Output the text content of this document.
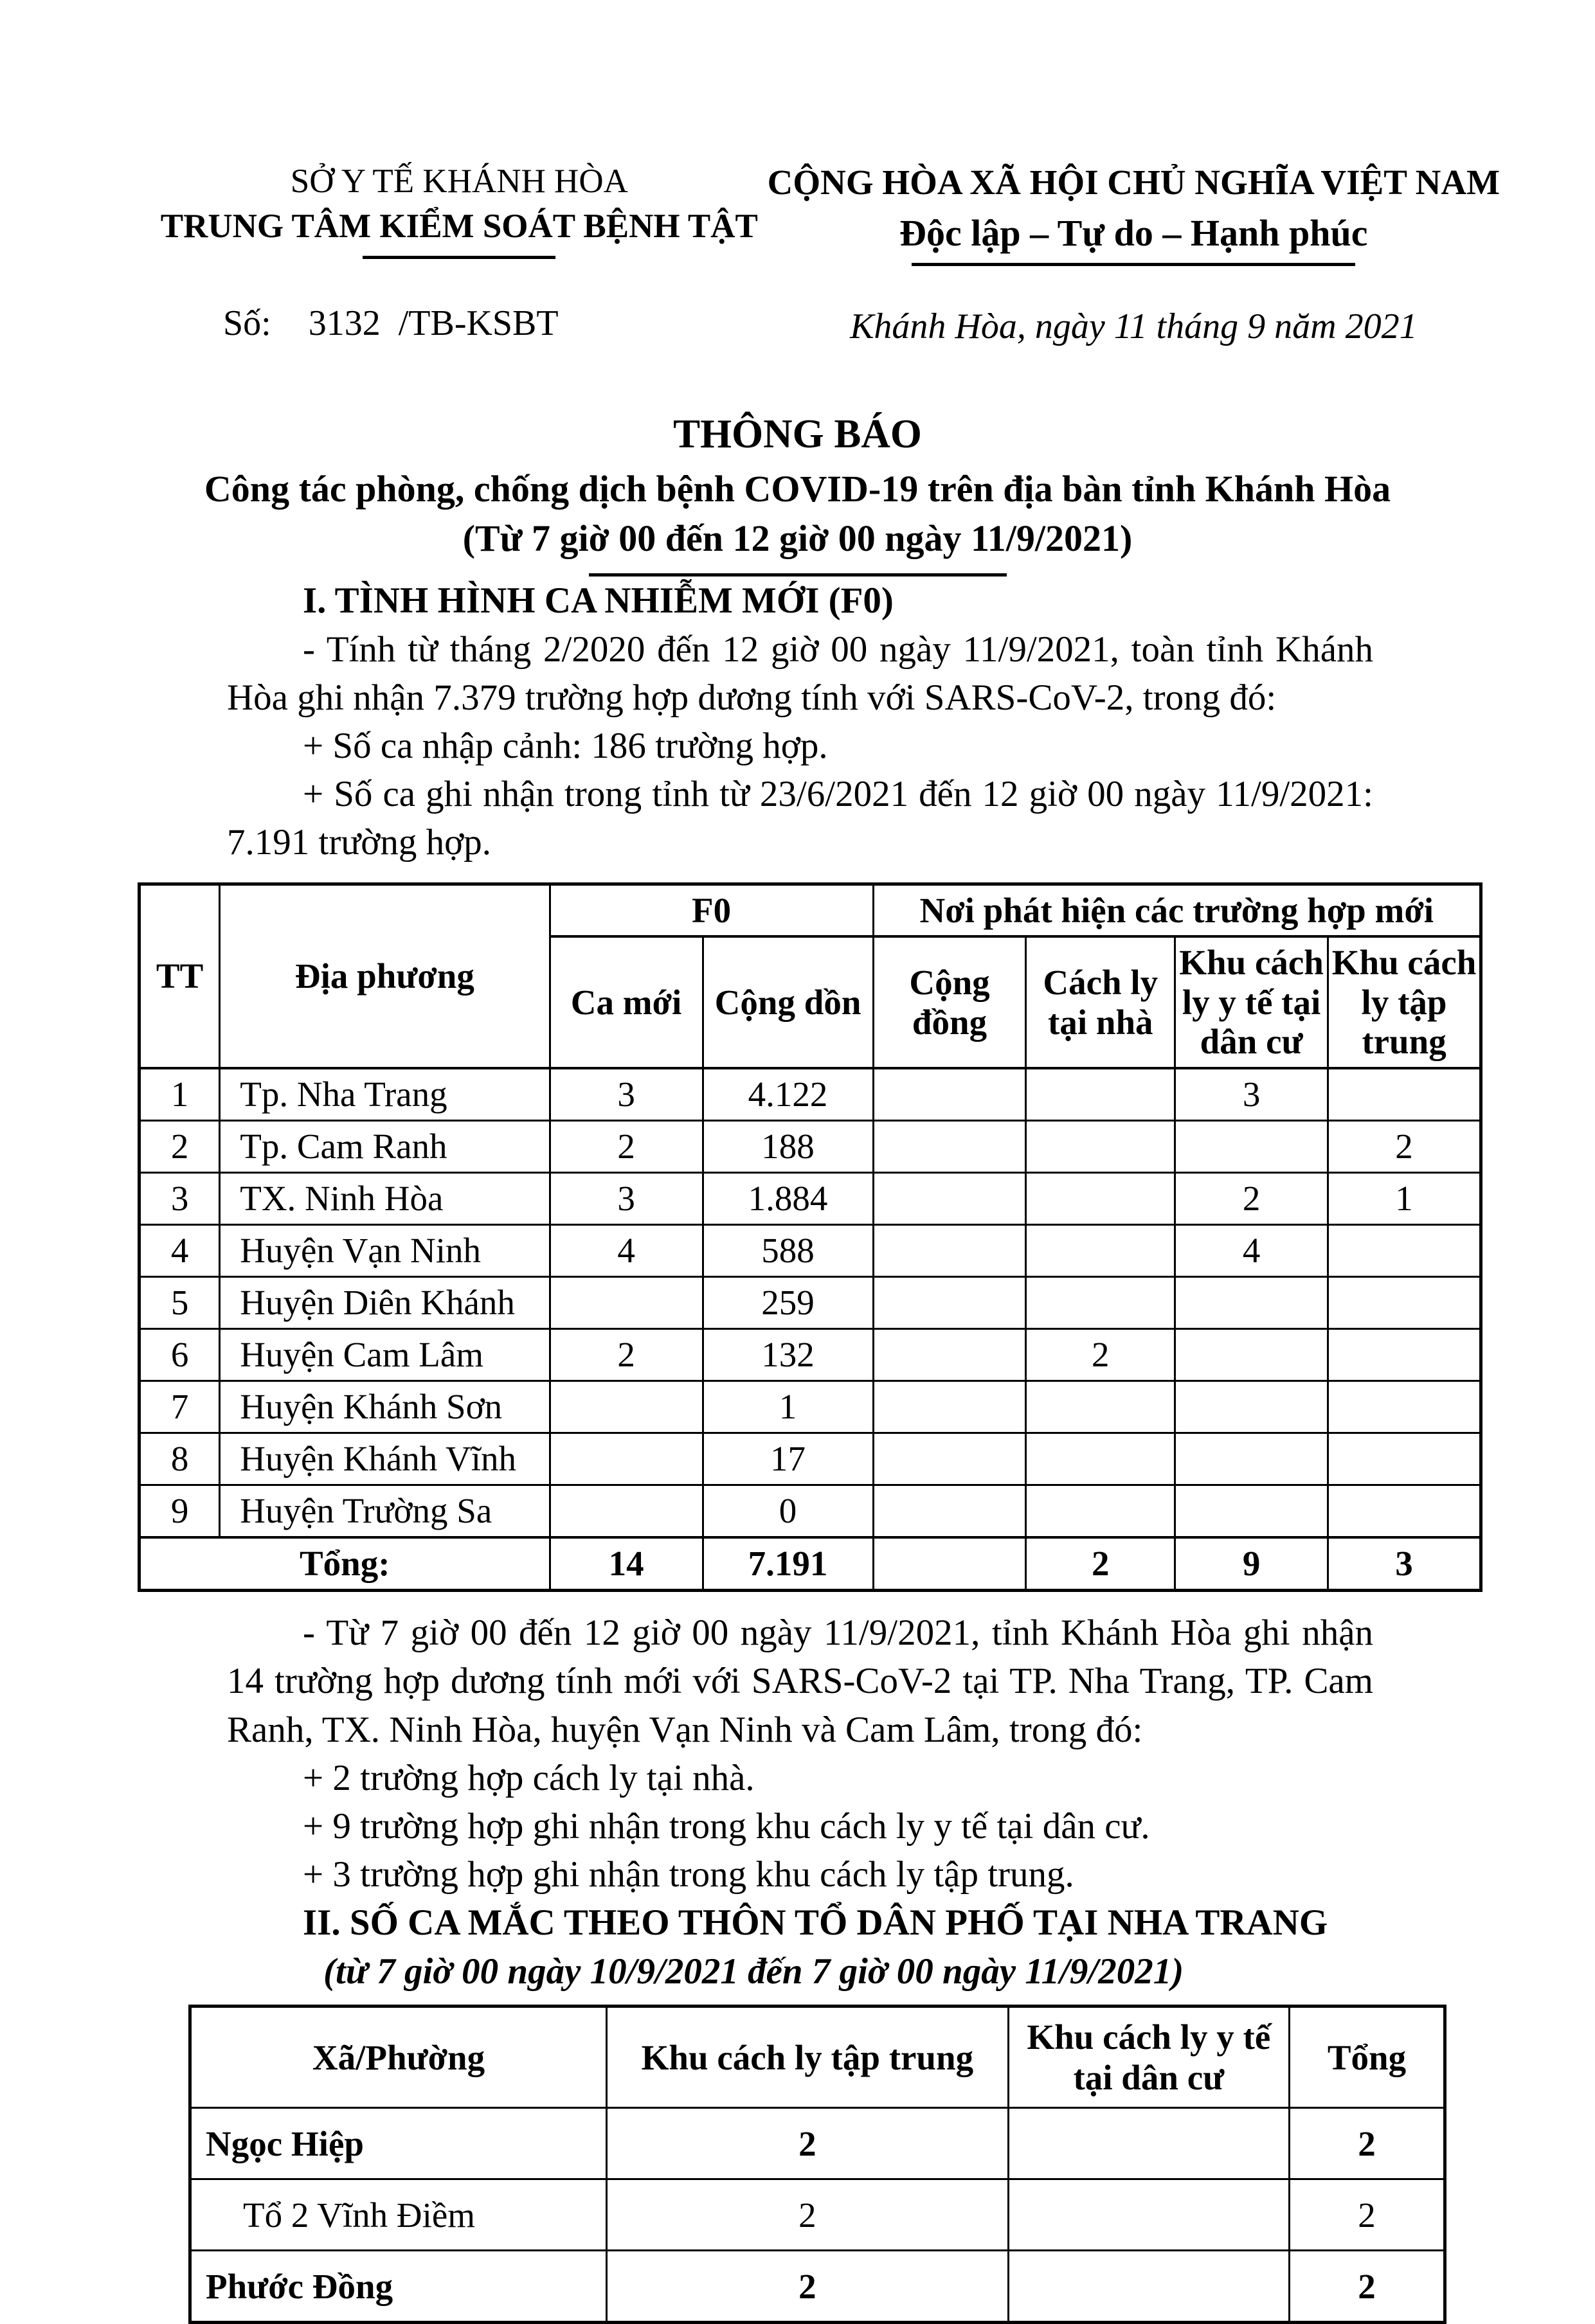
SỞ Y TẾ KHÁNH HÒA
TRUNG TÂM KIỂM SOÁT BỆNH TẬT
Số: 3132 /TB-KSBT
CỘNG HÒA XÃ HỘI CHỦ NGHĨA VIỆT NAM
Độc lập – Tự do – Hạnh phúc
Khánh Hòa, ngày 11 tháng 9 năm 2021
THÔNG BÁO
Công tác phòng, chống dịch bệnh COVID-19 trên địa bàn tỉnh Khánh Hòa
(Từ 7 giờ 00 đến 12 giờ 00 ngày 11/9/2021)

I. TÌNH HÌNH CA NHIỄM MỚI (F0)

- Tính từ tháng 2/2020 đến 12 giờ 00 ngày 11/9/2021, toàn tỉnh Khánh Hòa ghi nhận 7.379 trường hợp dương tính với SARS-CoV-2, trong đó:

+ Số ca nhập cảnh: 186 trường hợp.

+ Số ca ghi nhận trong tỉnh từ 23/6/2021 đến 12 giờ 00 ngày 11/9/2021: 7.191 trường hợp.

TT	Địa phương	F0		Nơi phát hiện các trường hợp mới			
		Ca mới	Cộng dồn	Cộng đồng	Cách ly tại nhà	Khu cách ly y tế tại dân cư	Khu cách ly tập trung
1	Tp. Nha Trang	3	4.122			3	
2	Tp. Cam Ranh	2	188				2
3	TX. Ninh Hòa	3	1.884			2	1
4	Huyện Vạn Ninh	4	588			4	
5	Huyện Diên Khánh		259				
6	Huyện Cam Lâm	2	132		2		
7	Huyện Khánh Sơn		1				
8	Huyện Khánh Vĩnh		17				
9	Huyện Trường Sa		0				
Tổng:		14	7.191		2	9	3

- Từ 7 giờ 00 đến 12 giờ 00 ngày 11/9/2021, tỉnh Khánh Hòa ghi nhận 14 trường hợp dương tính mới với SARS-CoV-2 tại TP. Nha Trang, TP. Cam Ranh, TX. Ninh Hòa, huyện Vạn Ninh và Cam Lâm, trong đó:

+ 2 trường hợp cách ly tại nhà.

+ 9 trường hợp ghi nhận trong khu cách ly y tế tại dân cư.

+ 3 trường hợp ghi nhận trong khu cách ly tập trung.

II. SỐ CA MẮC THEO THÔN TỔ DÂN PHỐ TẠI NHA TRANG

(từ 7 giờ 00 ngày 10/9/2021 đến 7 giờ 00 ngày 11/9/2021)

Xã/Phường	Khu cách ly tập trung	Khu cách ly y tế tại dân cư	Tổng
Ngọc Hiệp	2		2
Tổ 2 Vĩnh Điềm	2		2
Phước Đồng	2		2
